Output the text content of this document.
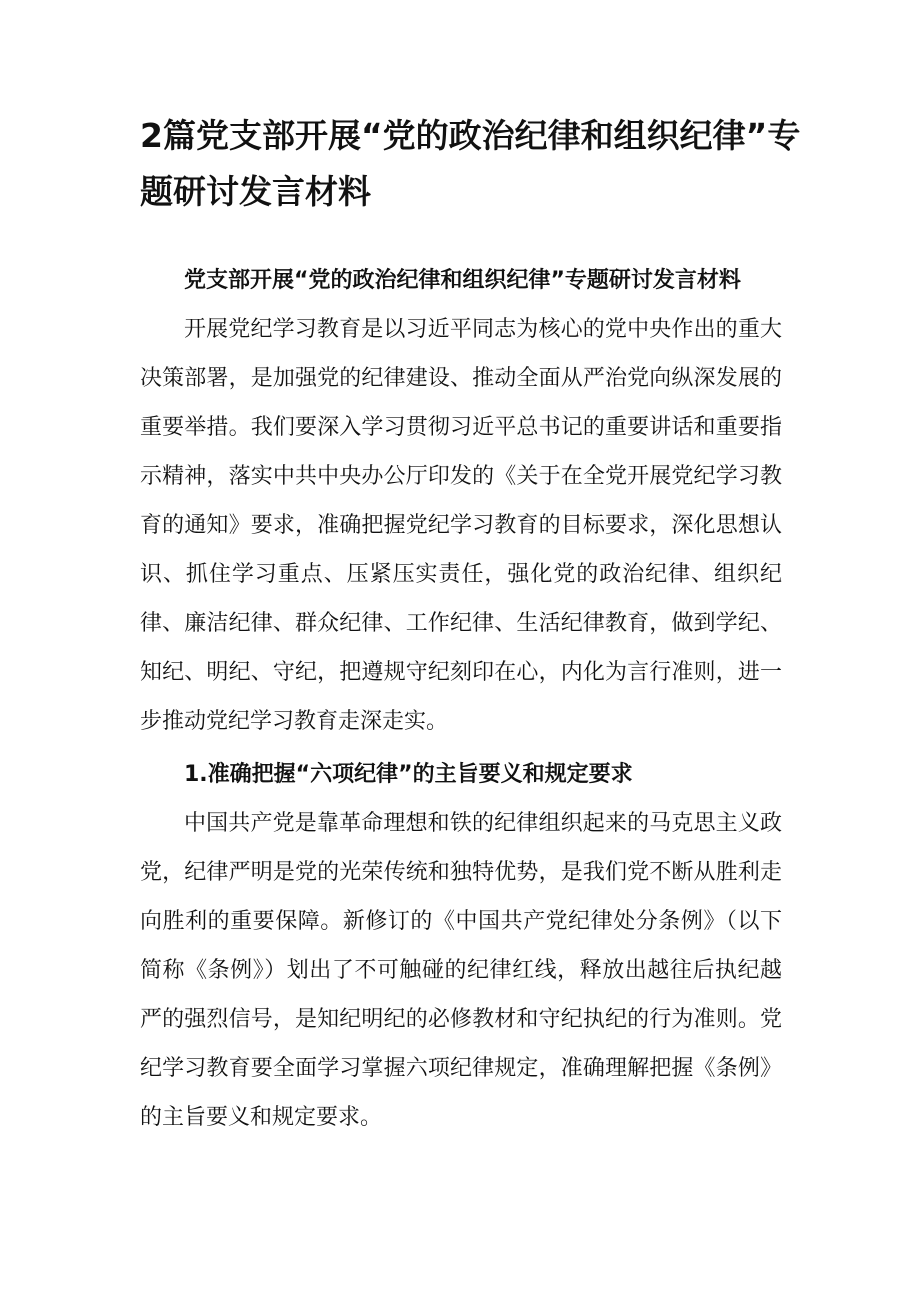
2篇党支部开展“党的政治纪律和组织纪律”专题研讨发言材料

党支部开展“党的政治纪律和组织纪律”专题研讨发言材料

开展党纪学习教育是以习近平同志为核心的党中央作出的重大决策部署，是加强党的纪律建设、推动全面从严治党向纵深发展的重要举措。我们要深入学习贯彻习近平总书记的重要讲话和重要指示精神，落实中共中央办公厅印发的《关于在全党开展党纪学习教育的通知》要求，准确把握党纪学习教育的目标要求，深化思想认识、抓住学习重点、压紧压实责任，强化党的政治纪律、组织纪律、廉洁纪律、群众纪律、工作纪律、生活纪律教育，做到学纪、知纪、明纪、守纪，把遵规守纪刻印在心，内化为言行准则，进一步推动党纪学习教育走深走实。

1.准确把握“六项纪律”的主旨要义和规定要求

中国共产党是靠革命理想和铁的纪律组织起来的马克思主义政党，纪律严明是党的光荣传统和独特优势，是我们党不断从胜利走向胜利的重要保障。新修订的《中国共产党纪律处分条例》（以下简称《条例》）划出了不可触碰的纪律红线，释放出越往后执纪越严的强烈信号，是知纪明纪的必修教材和守纪执纪的行为准则。党纪学习教育要全面学习掌握六项纪律规定，准确理解把握《条例》的主旨要义和规定要求。
